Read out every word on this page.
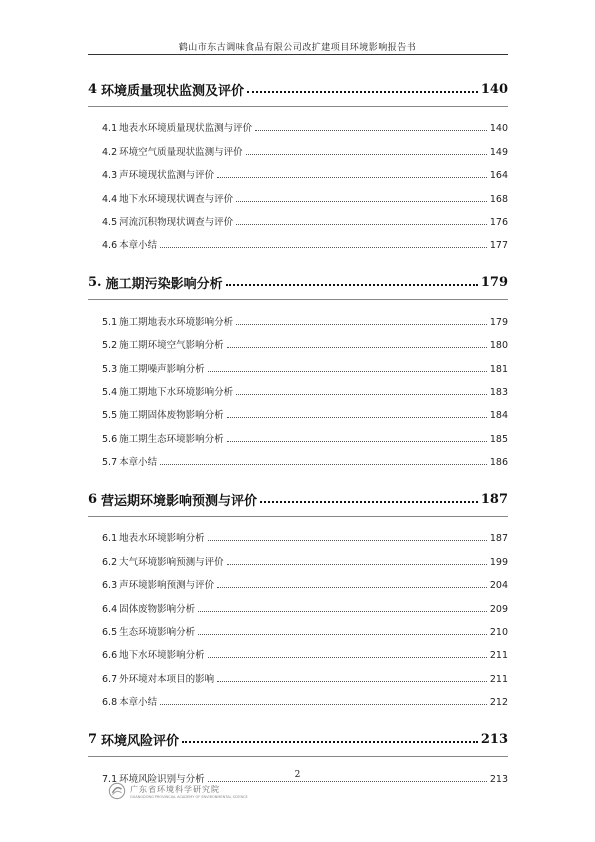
鹤山市东古调味食品有限公司改扩建项目环境影响报告书
4 环境质量现状监测及评价	140
4.1 地表水环境质量现状监测与评价	140
4.2 环境空气质量现状监测与评价	149
4.3 声环境现状监测与评价	164
4.4 地下水环境现状调查与评价	168
4.5 河流沉积物现状调查与评价	176
4.6 本章小结	177
5. 施工期污染影响分析	179
5.1 施工期地表水环境影响分析	179
5.2 施工期环境空气影响分析	180
5.3 施工期噪声影响分析	181
5.4 施工期地下水环境影响分析	183
5.5 施工期固体废物影响分析	184
5.6 施工期生态环境影响分析	185
5.7 本章小结	186
6 营运期环境影响预测与评价	187
6.1 地表水环境影响分析	187
6.2 大气环境影响预测与评价	199
6.3 声环境影响预测与评价	204
6.4 固体废物影响分析	209
6.5 生态环境影响分析	210
6.6 地下水环境影响分析	211
6.7 外环境对本项目的影响	211
6.8 本章小结	212
7 环境风险评价	213
7.1 环境风险识别与分析	213
2
广东省环境科学研究院
GUANGDONG PROVINCIAL ACADEMY OF ENVIRONMENTAL SCIENCE
